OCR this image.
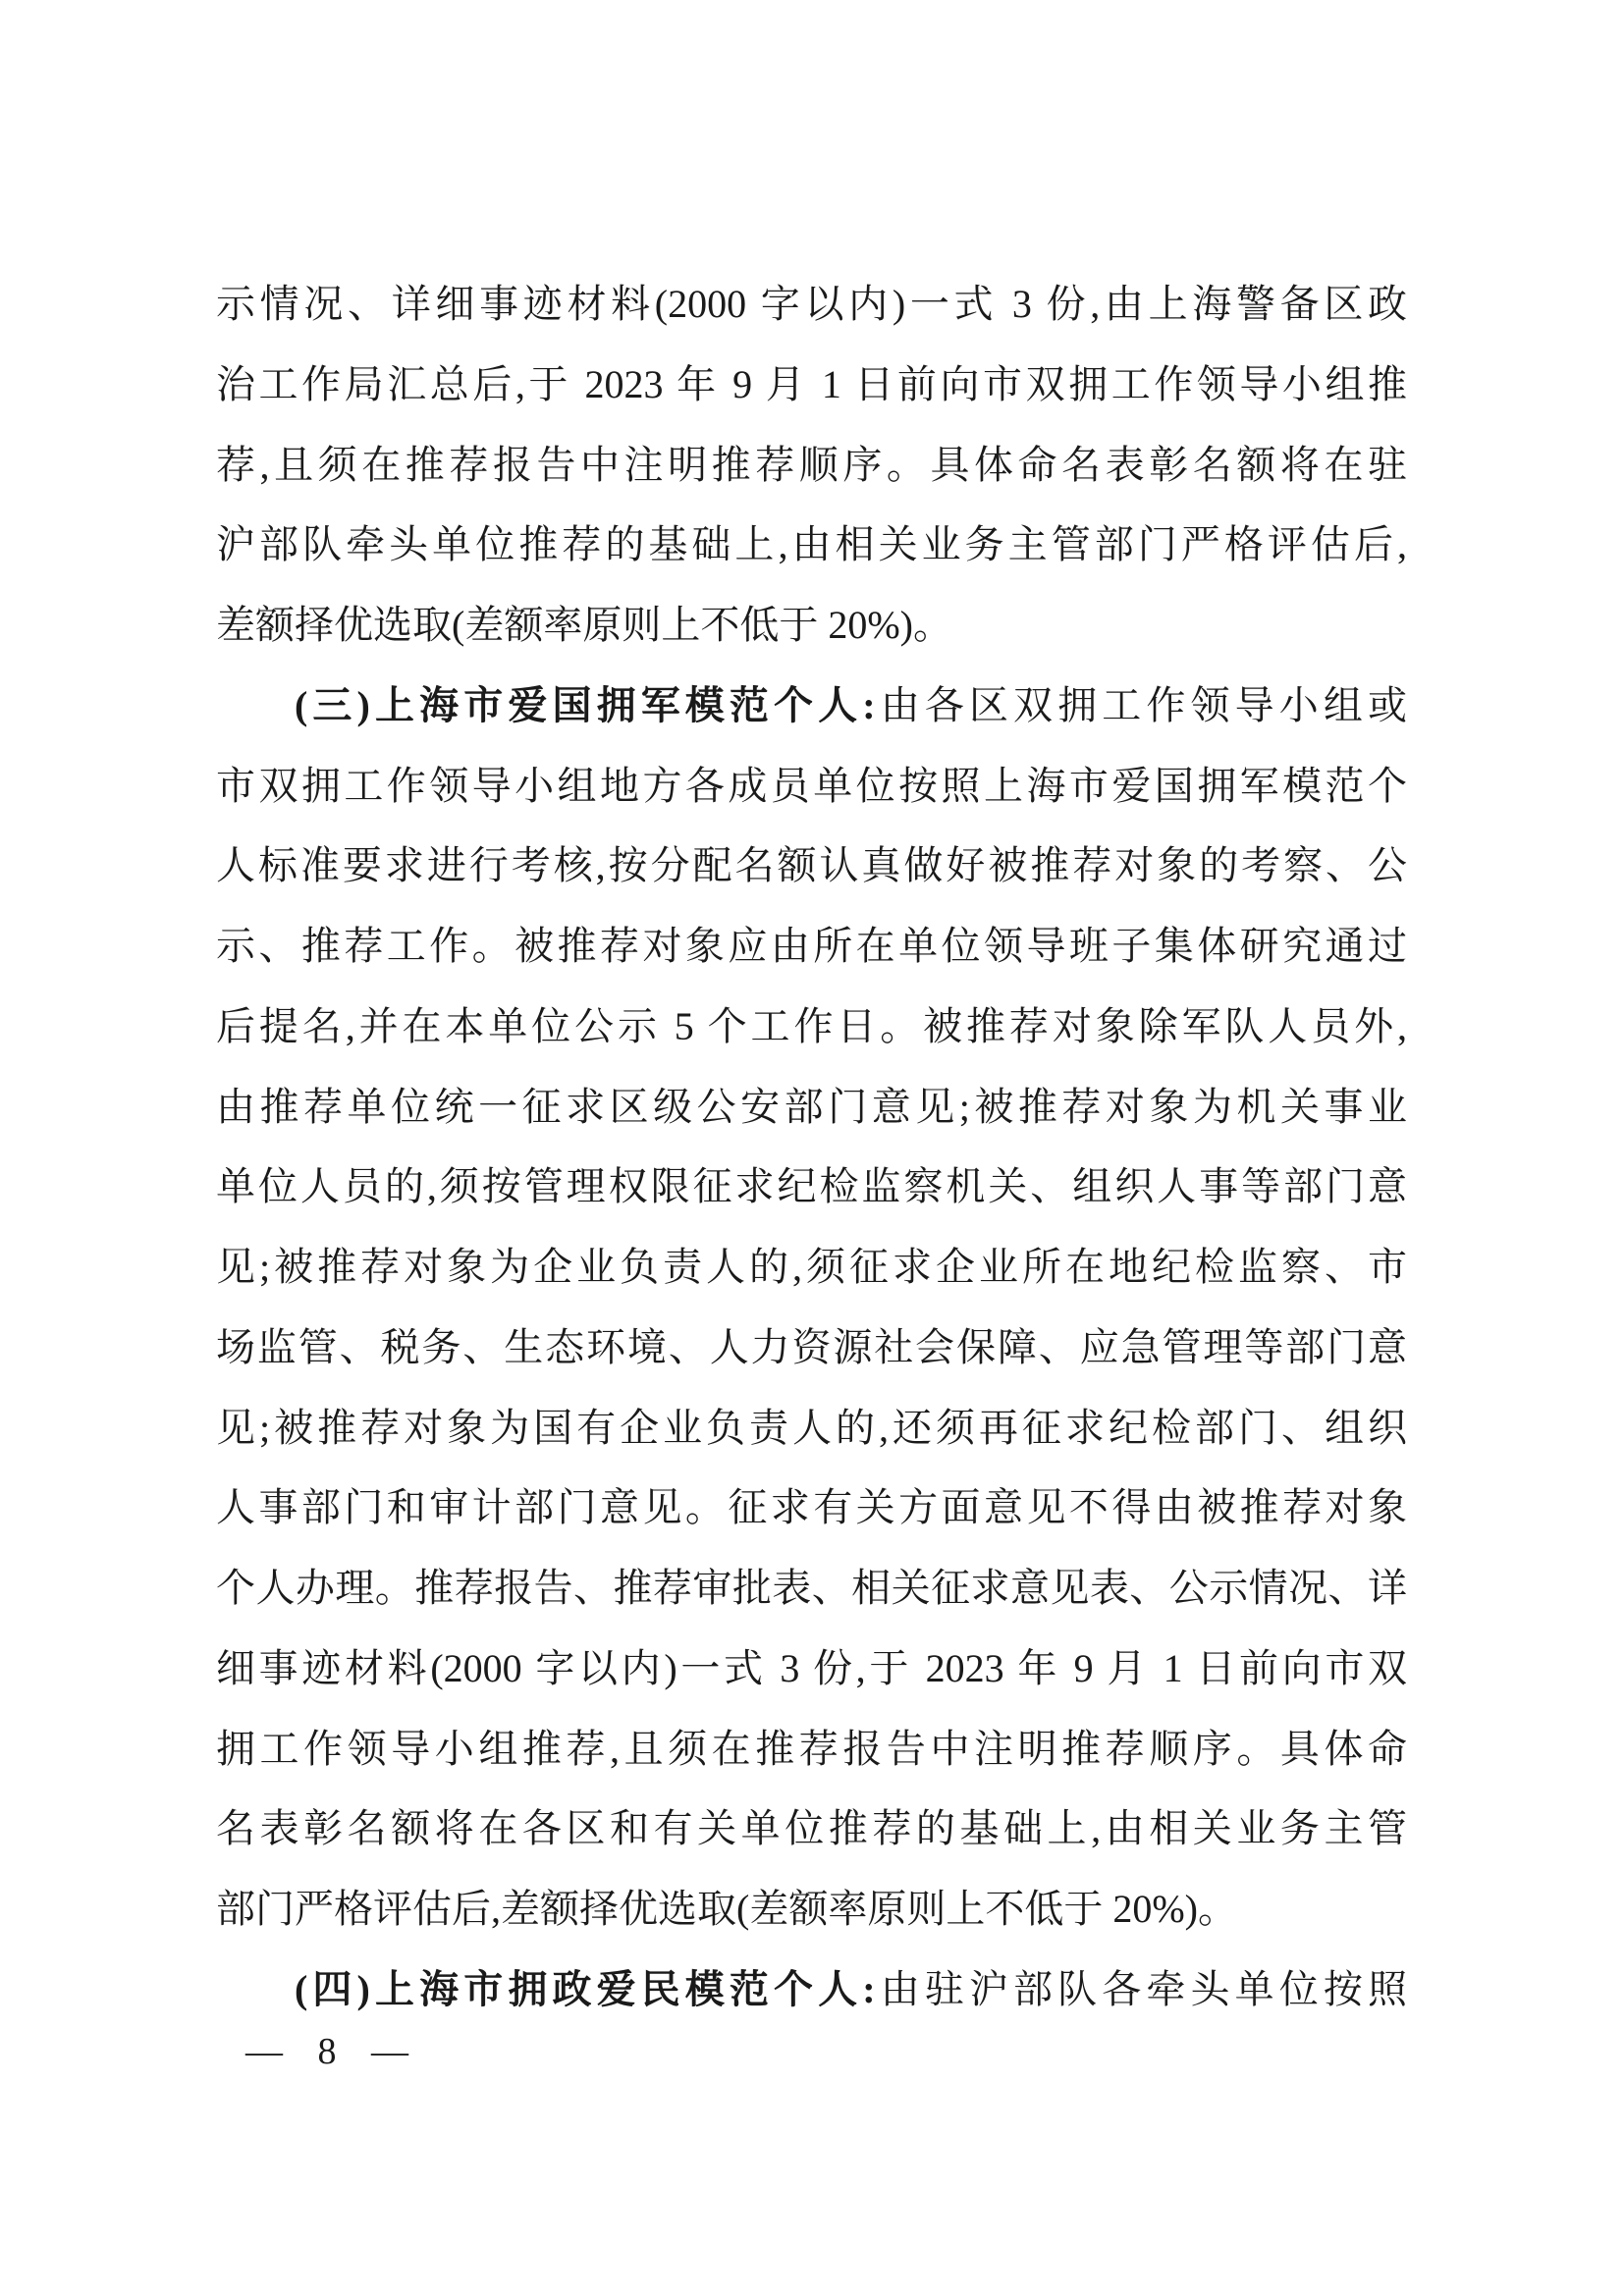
示情况、详细事迹材料(2000 字以内)一式 3 份,由上海警备区政
治工作局汇总后,于 2023 年 9 月 1 日前向市双拥工作领导小组推
荐,且须在推荐报告中注明推荐顺序。具体命名表彰名额将在驻
沪部队牵头单位推荐的基础上,由相关业务主管部门严格评估后,
差额择优选取(差额率原则上不低于 20%)。
(三)上海市爱国拥军模范个人:由各区双拥工作领导小组或
市双拥工作领导小组地方各成员单位按照上海市爱国拥军模范个
人标准要求进行考核,按分配名额认真做好被推荐对象的考察、公
示、推荐工作。被推荐对象应由所在单位领导班子集体研究通过
后提名,并在本单位公示 5 个工作日。被推荐对象除军队人员外,
由推荐单位统一征求区级公安部门意见;被推荐对象为机关事业
单位人员的,须按管理权限征求纪检监察机关、组织人事等部门意
见;被推荐对象为企业负责人的,须征求企业所在地纪检监察、市
场监管、税务、生态环境、人力资源社会保障、应急管理等部门意
见;被推荐对象为国有企业负责人的,还须再征求纪检部门、组织
人事部门和审计部门意见。征求有关方面意见不得由被推荐对象
个人办理。推荐报告、推荐审批表、相关征求意见表、公示情况、详
细事迹材料(2000 字以内)一式 3 份,于 2023 年 9 月 1 日前向市双
拥工作领导小组推荐,且须在推荐报告中注明推荐顺序。具体命
名表彰名额将在各区和有关单位推荐的基础上,由相关业务主管
部门严格评估后,差额择优选取(差额率原则上不低于 20%)。
(四)上海市拥政爱民模范个人:由驻沪部队各牵头单位按照
— 8 —
